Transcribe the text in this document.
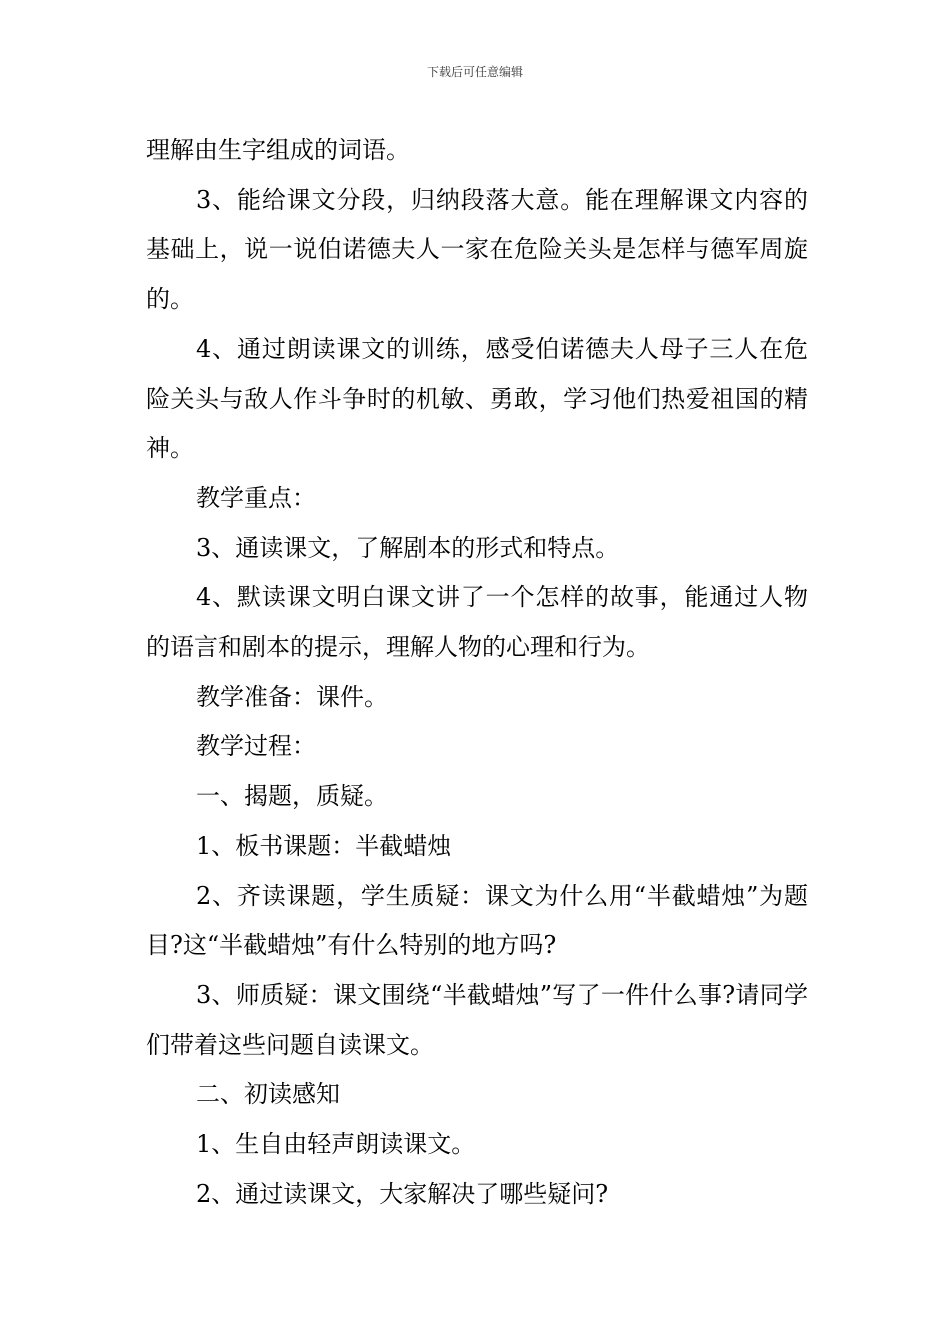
下载后可任意编辑

理解由生字组成的词语。

3、能给课文分段，归纳段落大意。能在理解课文内容的基础上，说一说伯诺德夫人一家在危险关头是怎样与德军周旋的。

4、通过朗读课文的训练，感受伯诺德夫人母子三人在危险关头与敌人作斗争时的机敏、勇敢，学习他们热爱祖国的精神。

教学重点：

3、通读课文，了解剧本的形式和特点。

4、默读课文明白课文讲了一个怎样的故事，能通过人物的语言和剧本的提示，理解人物的心理和行为。

教学准备：课件。

教学过程：

一、揭题，质疑。

1、板书课题：半截蜡烛

2、齐读课题，学生质疑：课文为什么用“半截蜡烛”为题目?这“半截蜡烛”有什么特别的地方吗?

3、师质疑：课文围绕“半截蜡烛”写了一件什么事?请同学们带着这些问题自读课文。

二、初读感知

1、生自由轻声朗读课文。

2、通过读课文，大家解决了哪些疑问?
